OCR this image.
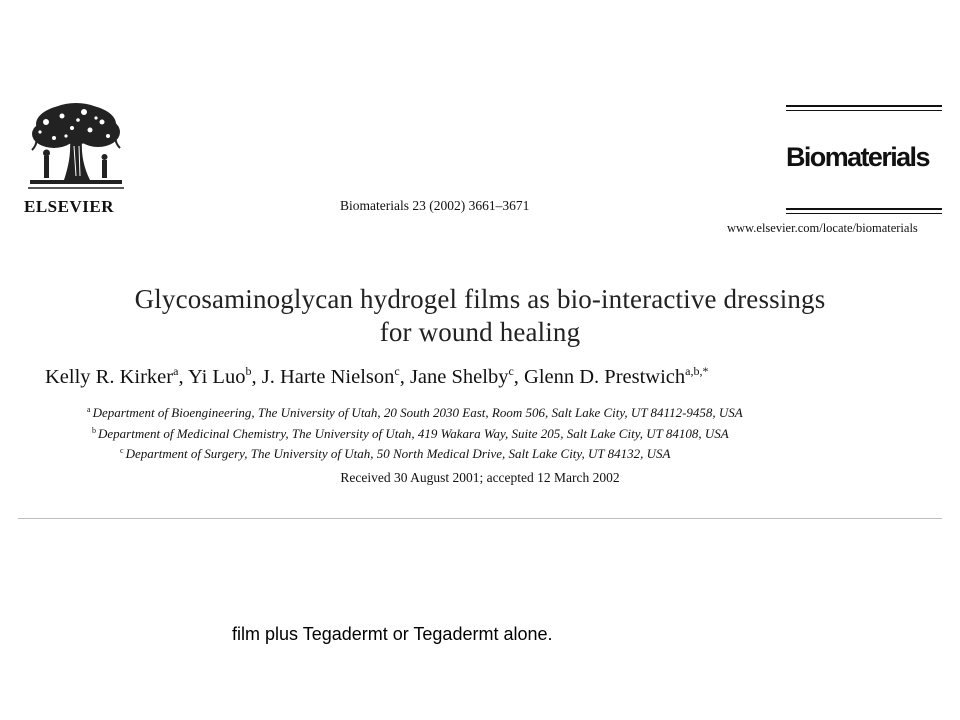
ELSEVIER	Biomaterials 23 (2002) 3661–3671
Biomaterials
www.elsevier.com/locate/biomaterials
Glycosaminoglycan hydrogel films as bio-interactive dressings
for wound healing
Kelly R. Kirker$^a$, Yi Luo$^b$, J. Harte Nielson$^c$, Jane Shelby$^c$, Glenn D. Prestwich$^{a,b,*}$
$^a$ Department of Bioengineering, The University of Utah, 20 South 2030 East, Room 506, Salt Lake City, UT 84112-9458, USA
$^b$ Department of Medicinal Chemistry, The University of Utah, 419 Wakara Way, Suite 205, Salt Lake City, UT 84108, USA
$^c$ Department of Surgery, The University of Utah, 50 North Medical Drive, Salt Lake City, UT 84132, USA
Received 30 August 2001; accepted 12 March 2002
film plus Tegadermt or Tegadermt alone.
